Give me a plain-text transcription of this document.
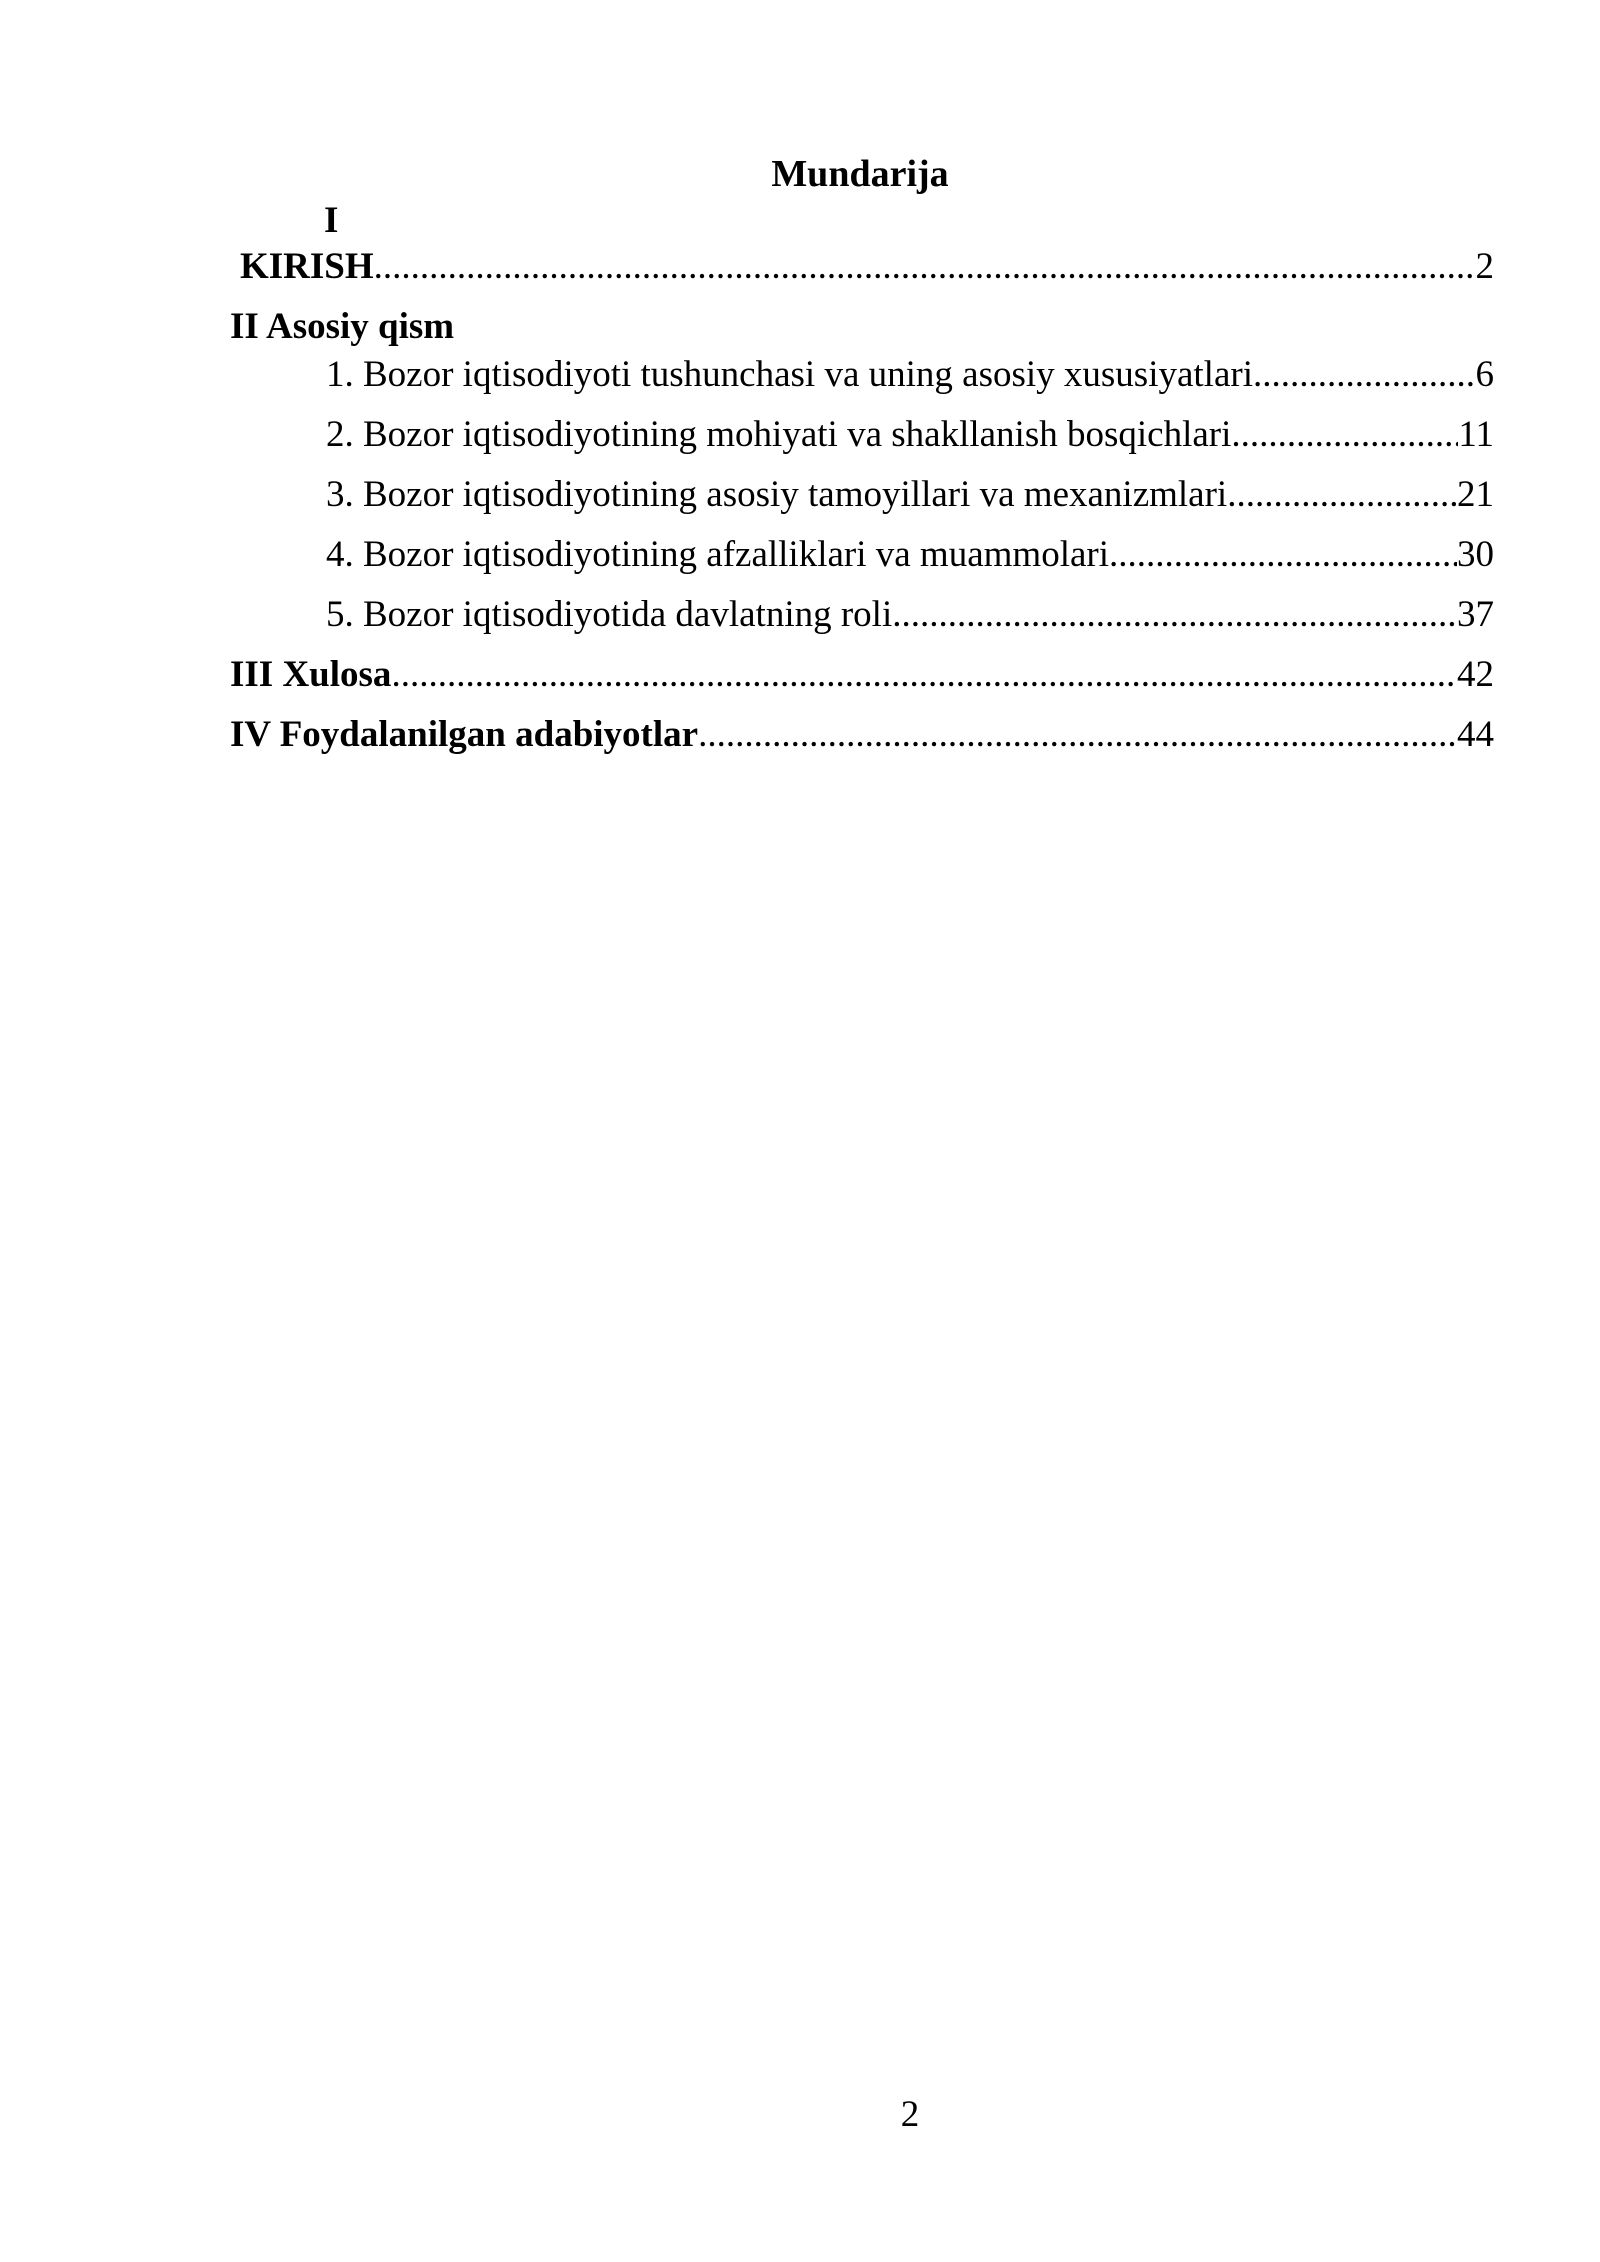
Mundarija
I
KIRISH .....	2
II Asosiy qism
1. Bozor iqtisodiyoti tushunchasi va uning asosiy xususiyatlari .....	6
2. Bozor iqtisodiyotining mohiyati va shakllanish bosqichlari .....	11
3. Bozor iqtisodiyotining asosiy tamoyillari va mexanizmlari .....	21
4. Bozor iqtisodiyotining afzalliklari va muammolari .....	30
5. Bozor iqtisodiyotida davlatning roli .....	37
III Xulosa .....	42
IV Foydalanilgan adabiyotlar .....	44
2
